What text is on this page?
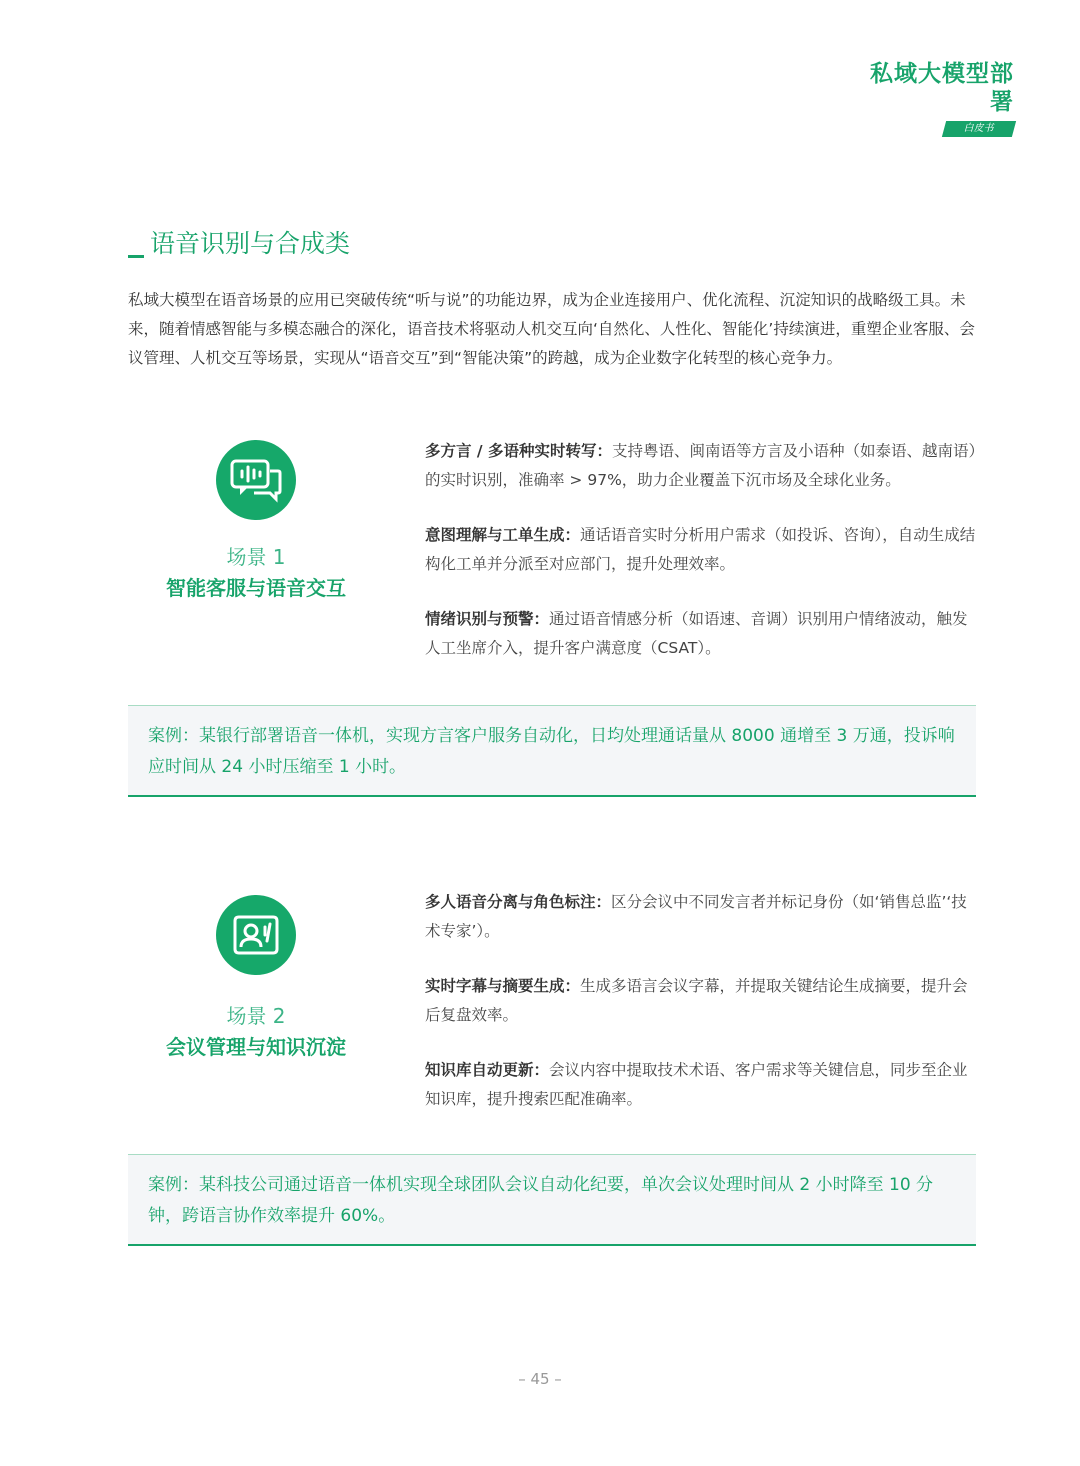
私域大模型部署
白皮书
语音识别与合成类
私域大模型在语音场景的应用已突破传统“听与说”的功能边界，成为企业连接用户、优化流程、沉淀知识的战略级工具。未来，随着情感智能与多模态融合的深化，语音技术将驱动人机交互向‘自然化、人性化、智能化’持续演进，重塑企业客服、会议管理、人机交互等场景，实现从“语音交互”到“智能决策”的跨越，成为企业数字化转型的核心竞争力。
场景 1
智能客服与语音交互
多方言 / 多语种实时转写：支持粤语、闽南语等方言及小语种（如泰语、越南语）的实时识别，准确率 > 97%，助力企业覆盖下沉市场及全球化业务。
意图理解与工单生成：通话语音实时分析用户需求（如投诉、咨询），自动生成结构化工单并分派至对应部门，提升处理效率。
情绪识别与预警：通过语音情感分析（如语速、音调）识别用户情绪波动，触发人工坐席介入，提升客户满意度（CSAT）。
案例：某银行部署语音一体机，实现方言客户服务自动化，日均处理通话量从 8000 通增至 3 万通，投诉响应时间从 24 小时压缩至 1 小时。
场景 2
会议管理与知识沉淀
多人语音分离与角色标注：区分会议中不同发言者并标记身份（如‘销售总监’‘技术专家’）。
实时字幕与摘要生成：生成多语言会议字幕，并提取关键结论生成摘要，提升会后复盘效率。
知识库自动更新：会议内容中提取技术术语、客户需求等关键信息，同步至企业知识库，提升搜索匹配准确率。
案例：某科技公司通过语音一体机实现全球团队会议自动化纪要，单次会议处理时间从 2 小时降至 10 分钟，跨语言协作效率提升 60%。
– 45 –
